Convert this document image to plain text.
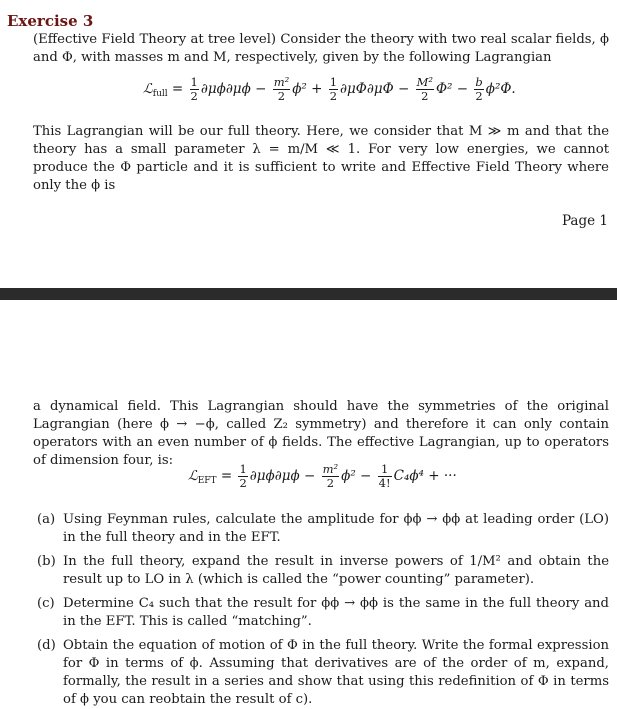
Exercise 3
(Effective Field Theory at tree level) Consider the theory with two real scalar fields, ϕ and Φ, with masses m and M, respectively, given by the following Lagrangian
ℒ$_{full}$ = $\frac{1}{2} \partial\mu\phi\partial\mu\phi - \frac{\text{m²}}{2} \phi^2 + \frac{1}{2} \partial\mu\Phi\partial\mu\Phi - \frac{\text{M²}}{2} \Phi^2 - \frac{b}{2} \phi^2\Phi$.
This Lagrangian will be our full theory. Here, we consider that M ≫ m and that the theory has a small parameter λ = m/M ≪ 1. For very low energies, we cannot produce the Φ particle and it is sufficient to write and Effective Field Theory where only the ϕ is
Page 1
a dynamical field. This Lagrangian should have the symmetries of the original Lagrangian (here ϕ → −ϕ, called Z₂ symmetry) and therefore it can only contain operators with an even number of ϕ fields. The effective Lagrangian, up to operators of dimension four, is:
ℒ$_{EFT}$ = $\frac{1}{2} \partial\mu\phi\partial\mu\phi - \frac{\text{m²}}{2} \phi^2 - \frac{1}{4!} C_4\phi^4$ + ···
(a) Using Feynman rules, calculate the amplitude for ϕϕ → ϕϕ at leading order (LO) in the full theory and in the EFT.
(b) In the full theory, expand the result in inverse powers of 1/M² and obtain the result up to LO in λ (which is called the “power counting” parameter).
(c) Determine C₄ such that the result for ϕϕ → ϕϕ is the same in the full theory and in the EFT. This is called “matching”.
(d) Obtain the equation of motion of Φ in the full theory. Write the formal expression for Φ in terms of ϕ. Assuming that derivatives are of the order of m, expand, formally, the result in a series and show that using this redefinition of Φ in terms of ϕ you can reobtain the result of c).
